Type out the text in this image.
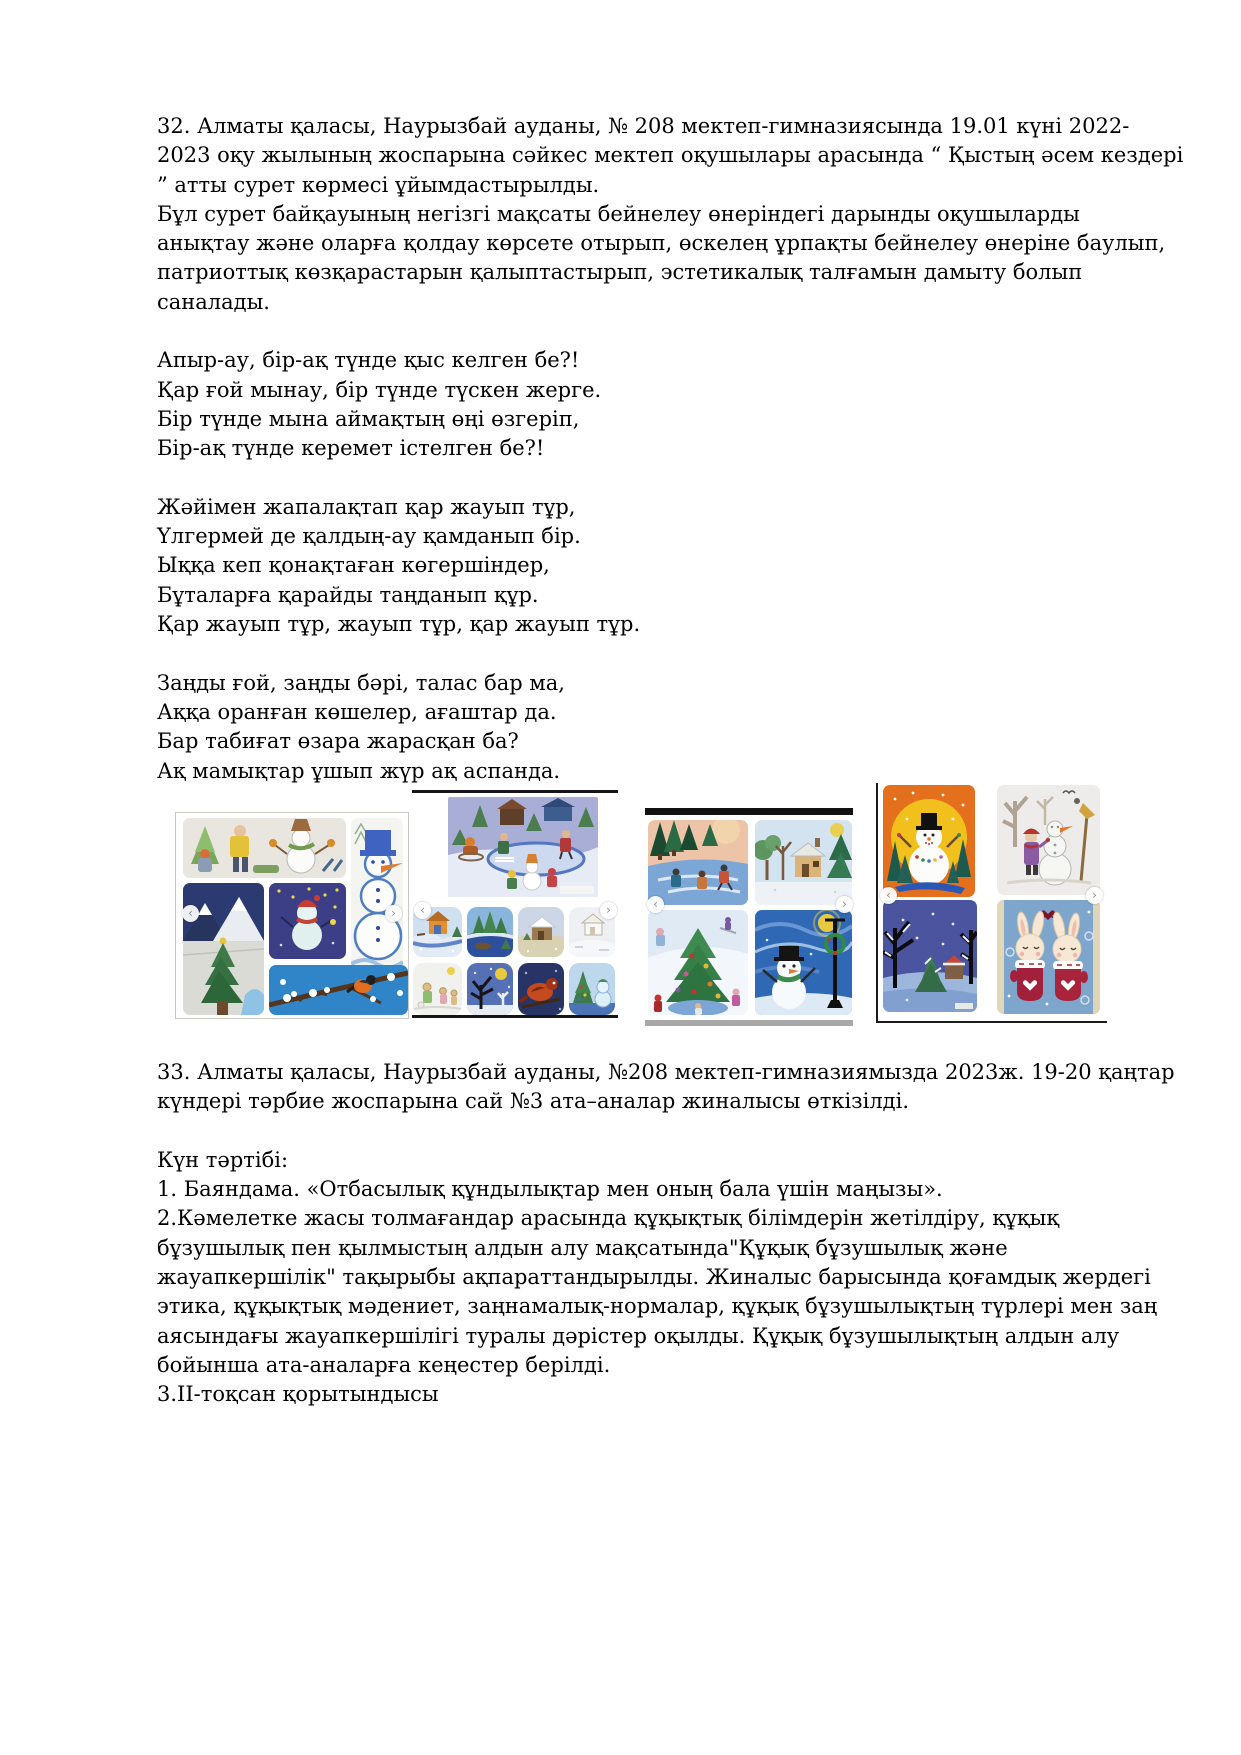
32. Алматы қаласы, Наурызбай ауданы, № 208 мектеп-гимназиясында 19.01 күні 2022-
2023 оқу жылының жоспарына сәйкес мектеп оқушылары арасында “ Қыстың әсем кездері
” атты сурет көрмесі ұйымдастырылды.
Бұл сурет байқауының негізгі мақсаты бейнелеу өнеріндегі дарынды оқушыларды
анықтау және оларға қолдау көрсете отырып, өскелең ұрпақты бейнелеу өнеріне баулып,
патриоттық көзқарастарын қалыптастырып, эстетикалық талғамын дамыту болып
саналады.
Апыр-ау, бір-ақ түнде қыс келген бе?!
Қар ғой мынау, бір түнде түскен жерге.
Бір түнде мына аймақтың өңі өзгеріп,
Бір-ақ түнде керемет істелген бе?!
Жәйімен жапалақтап қар жауып тұр,
Үлгермей де қалдың-ау қамданып бір.
Ыққа кеп қонақтаған көгершіндер,
Бұталарға қарайды таңданып құр.
Қар жауып тұр, жауып тұр, қар жауып тұр.
Заңды ғой, заңды бәрі, талас бар ма,
Аққа оранған көшелер, ағаштар да.
Бар табиғат өзара жарасқан ба?
Ақ мамықтар ұшып жүр ақ аспанда.
‹	›	‹	›	‹	›
‹	›
33. Алматы қаласы, Наурызбай ауданы, №208 мектеп-гимназиямызда 2023ж. 19-20 қаңтар
күндері тәрбие жоспарына сай №3 ата–аналар жиналысы өткізілді.
Күн тәртібі:
1. Баяндама. «Отбасылық құндылықтар мен оның бала үшін маңызы».
2.Кәмелетке жасы толмағандар арасында құқықтық білімдерін жетілдіру, құқық
бұзушылық пен қылмыстың алдын алу мақсатында"Құқық бұзушылық және
жауапкершілік" тақырыбы ақпараттандырылды. Жиналыс барысында қоғамдық жердегі
этика, құқықтық мәдениет, заңнамалық-нормалар, құқық бұзушылықтың түрлері мен заң
аясындағы жауапкершілігі туралы дәрістер оқылды. Құқық бұзушылықтың алдын алу
бойынша ата-аналарға кеңестер берілді.
3.II-тоқсан қорытындысы
